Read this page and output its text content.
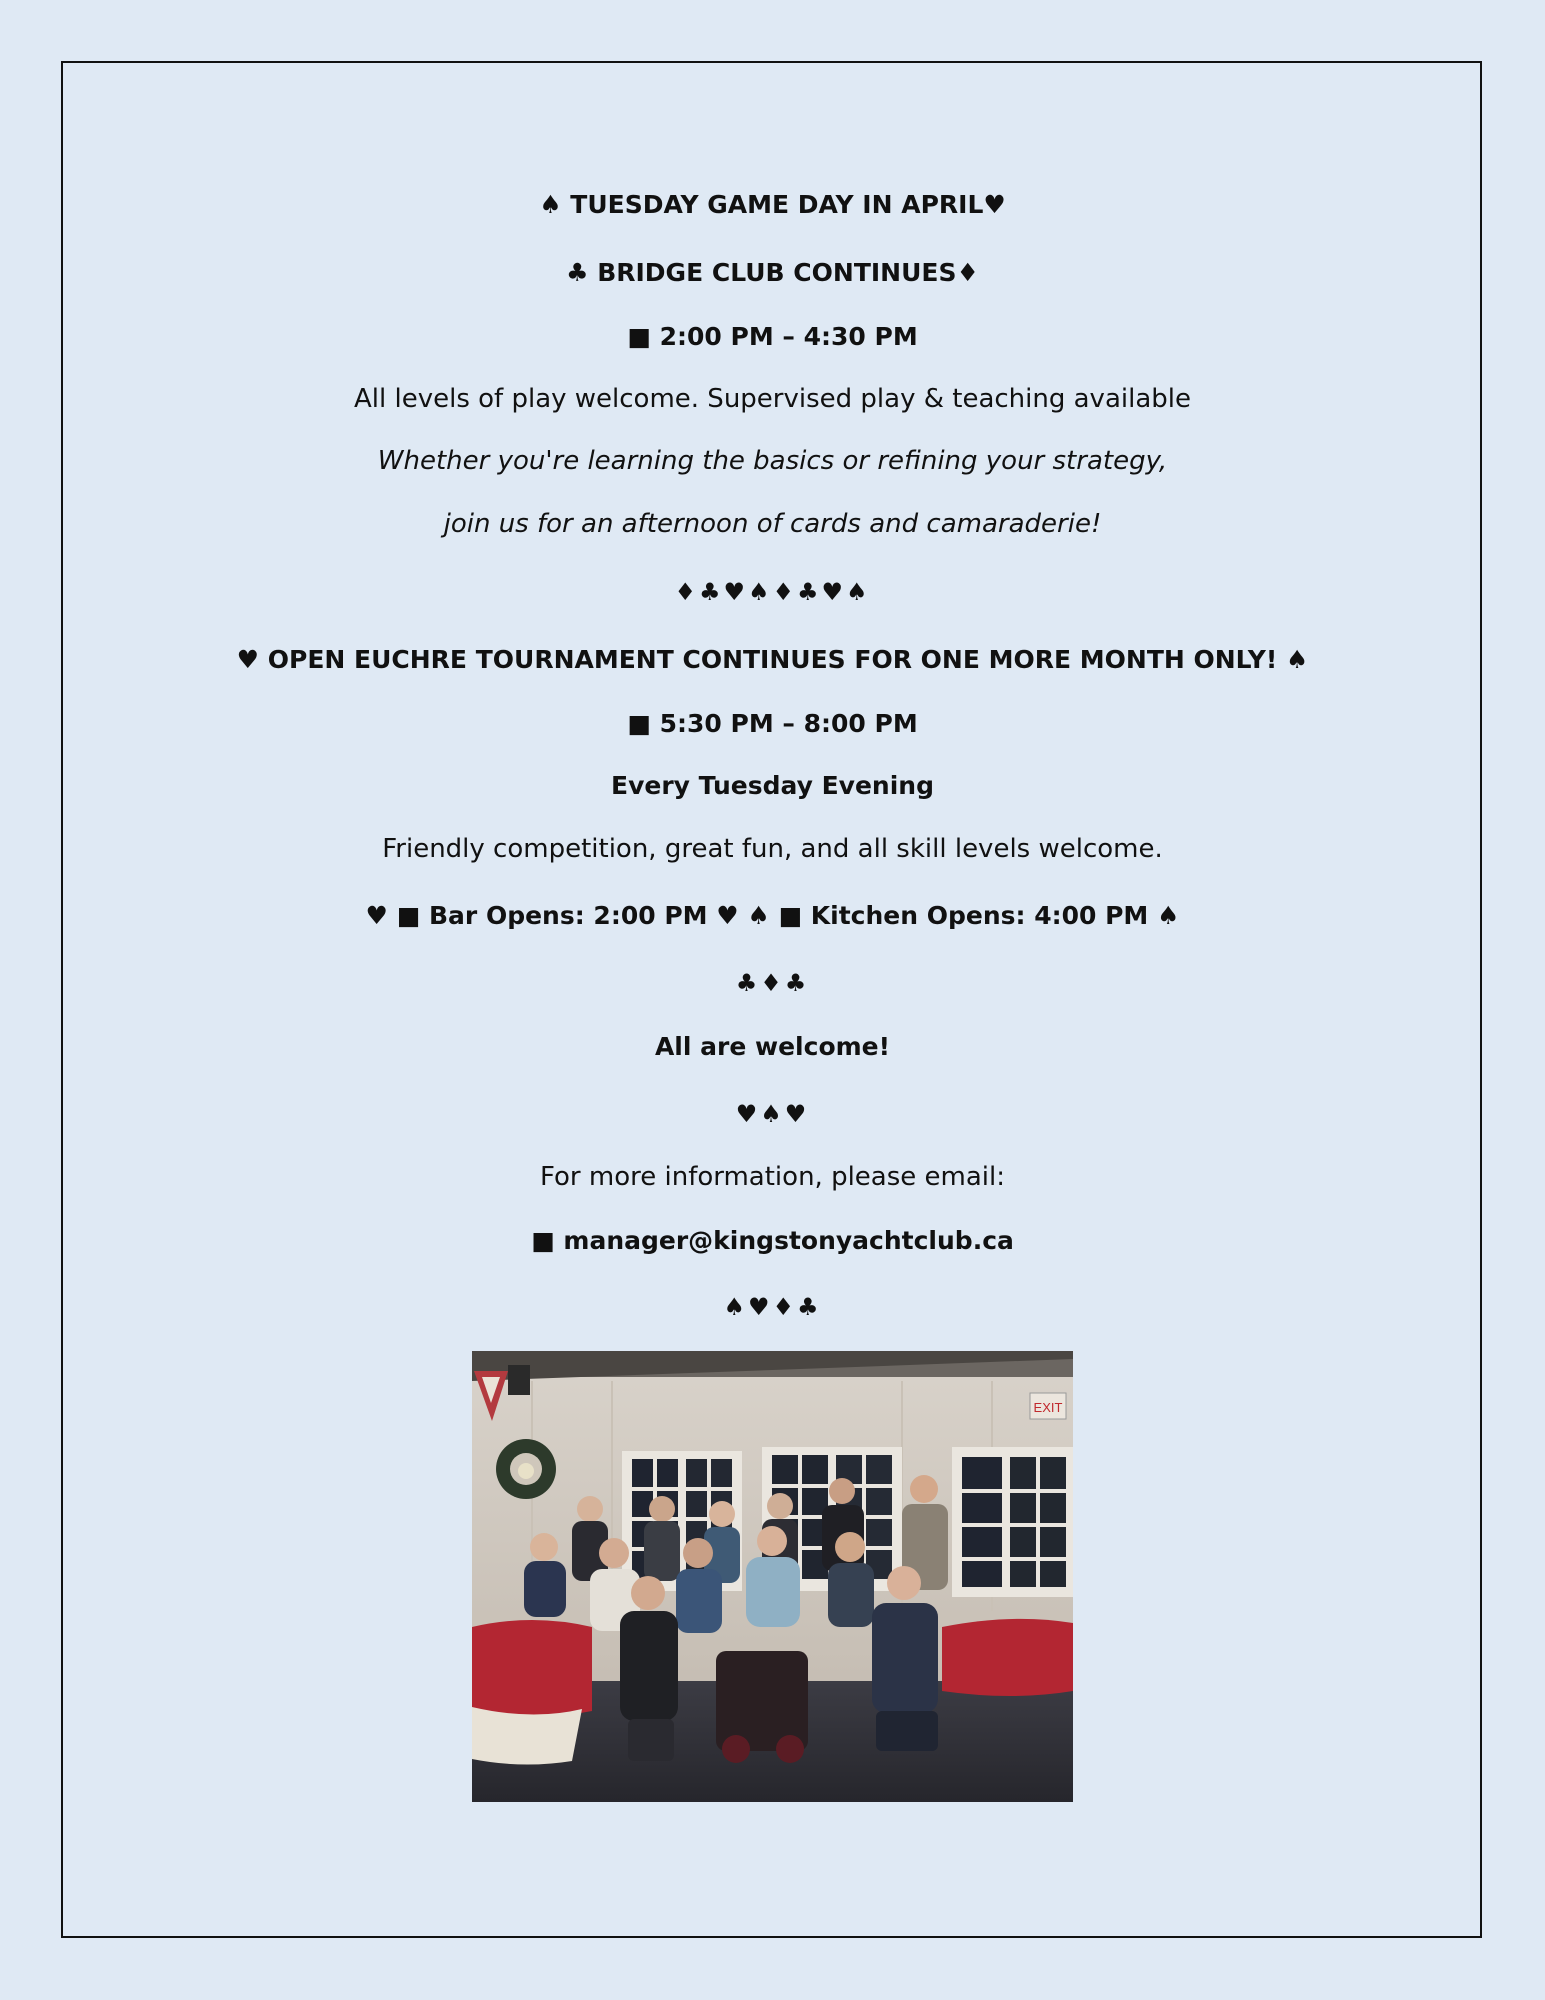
♠ TUESDAY GAME DAY IN APRIL♥
♣ BRIDGE CLUB CONTINUES♦
■ 2:00 PM – 4:30 PM
All levels of play welcome. Supervised play & teaching available
Whether you're learning the basics or refining your strategy,
join us for an afternoon of cards and camaraderie!
♦♣♥♠♦♣♥♠
♥ OPEN EUCHRE TOURNAMENT CONTINUES FOR ONE MORE MONTH ONLY! ♠
■ 5:30 PM – 8:00 PM
Every Tuesday Evening
Friendly competition, great fun, and all skill levels welcome.
♥ ■ Bar Opens: 2:00 PM ♥ ♠ ■ Kitchen Opens: 4:00 PM ♠
♣♦♣
All are welcome!
♥♠♥
For more information, please email:
■ manager@kingstonyachtclub.ca
♠♥♦♣
EXIT
